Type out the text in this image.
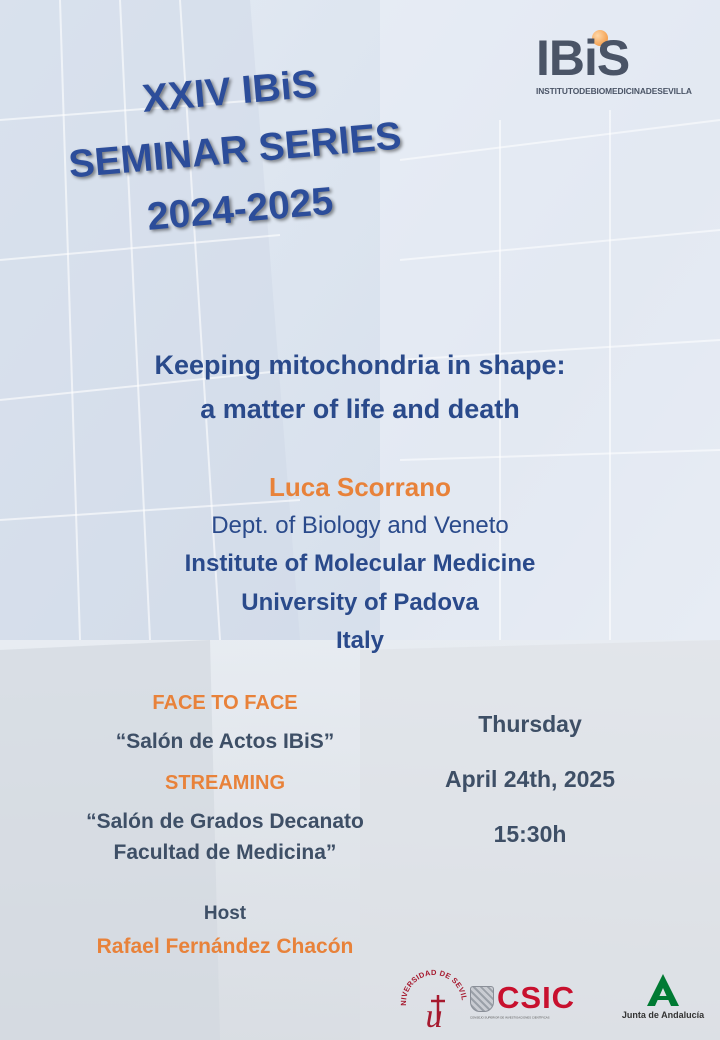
XXIV IBiS
SEMINAR SERIES
2024-2025
IBiS
INSTITUTODEBIOMEDICINADESEVILLA
Keeping mitochondria in shape:
a matter of life and death
Luca Scorrano
Dept. of Biology and Veneto
Institute of Molecular Medicine
University of Padova
Italy
FACE TO FACE
“Salón de Actos IBiS”
STREAMING
“Salón de Grados Decanato
Facultad de Medicina”
Host
Rafael Fernández Chacón
Thursday
April 24th, 2025
15:30h
NIVERSIDAD DE SEVIL
u
CSIC
CONSEJO SUPERIOR DE INVESTIGACIONES CIENTÍFICAS	Junta de Andalucía
